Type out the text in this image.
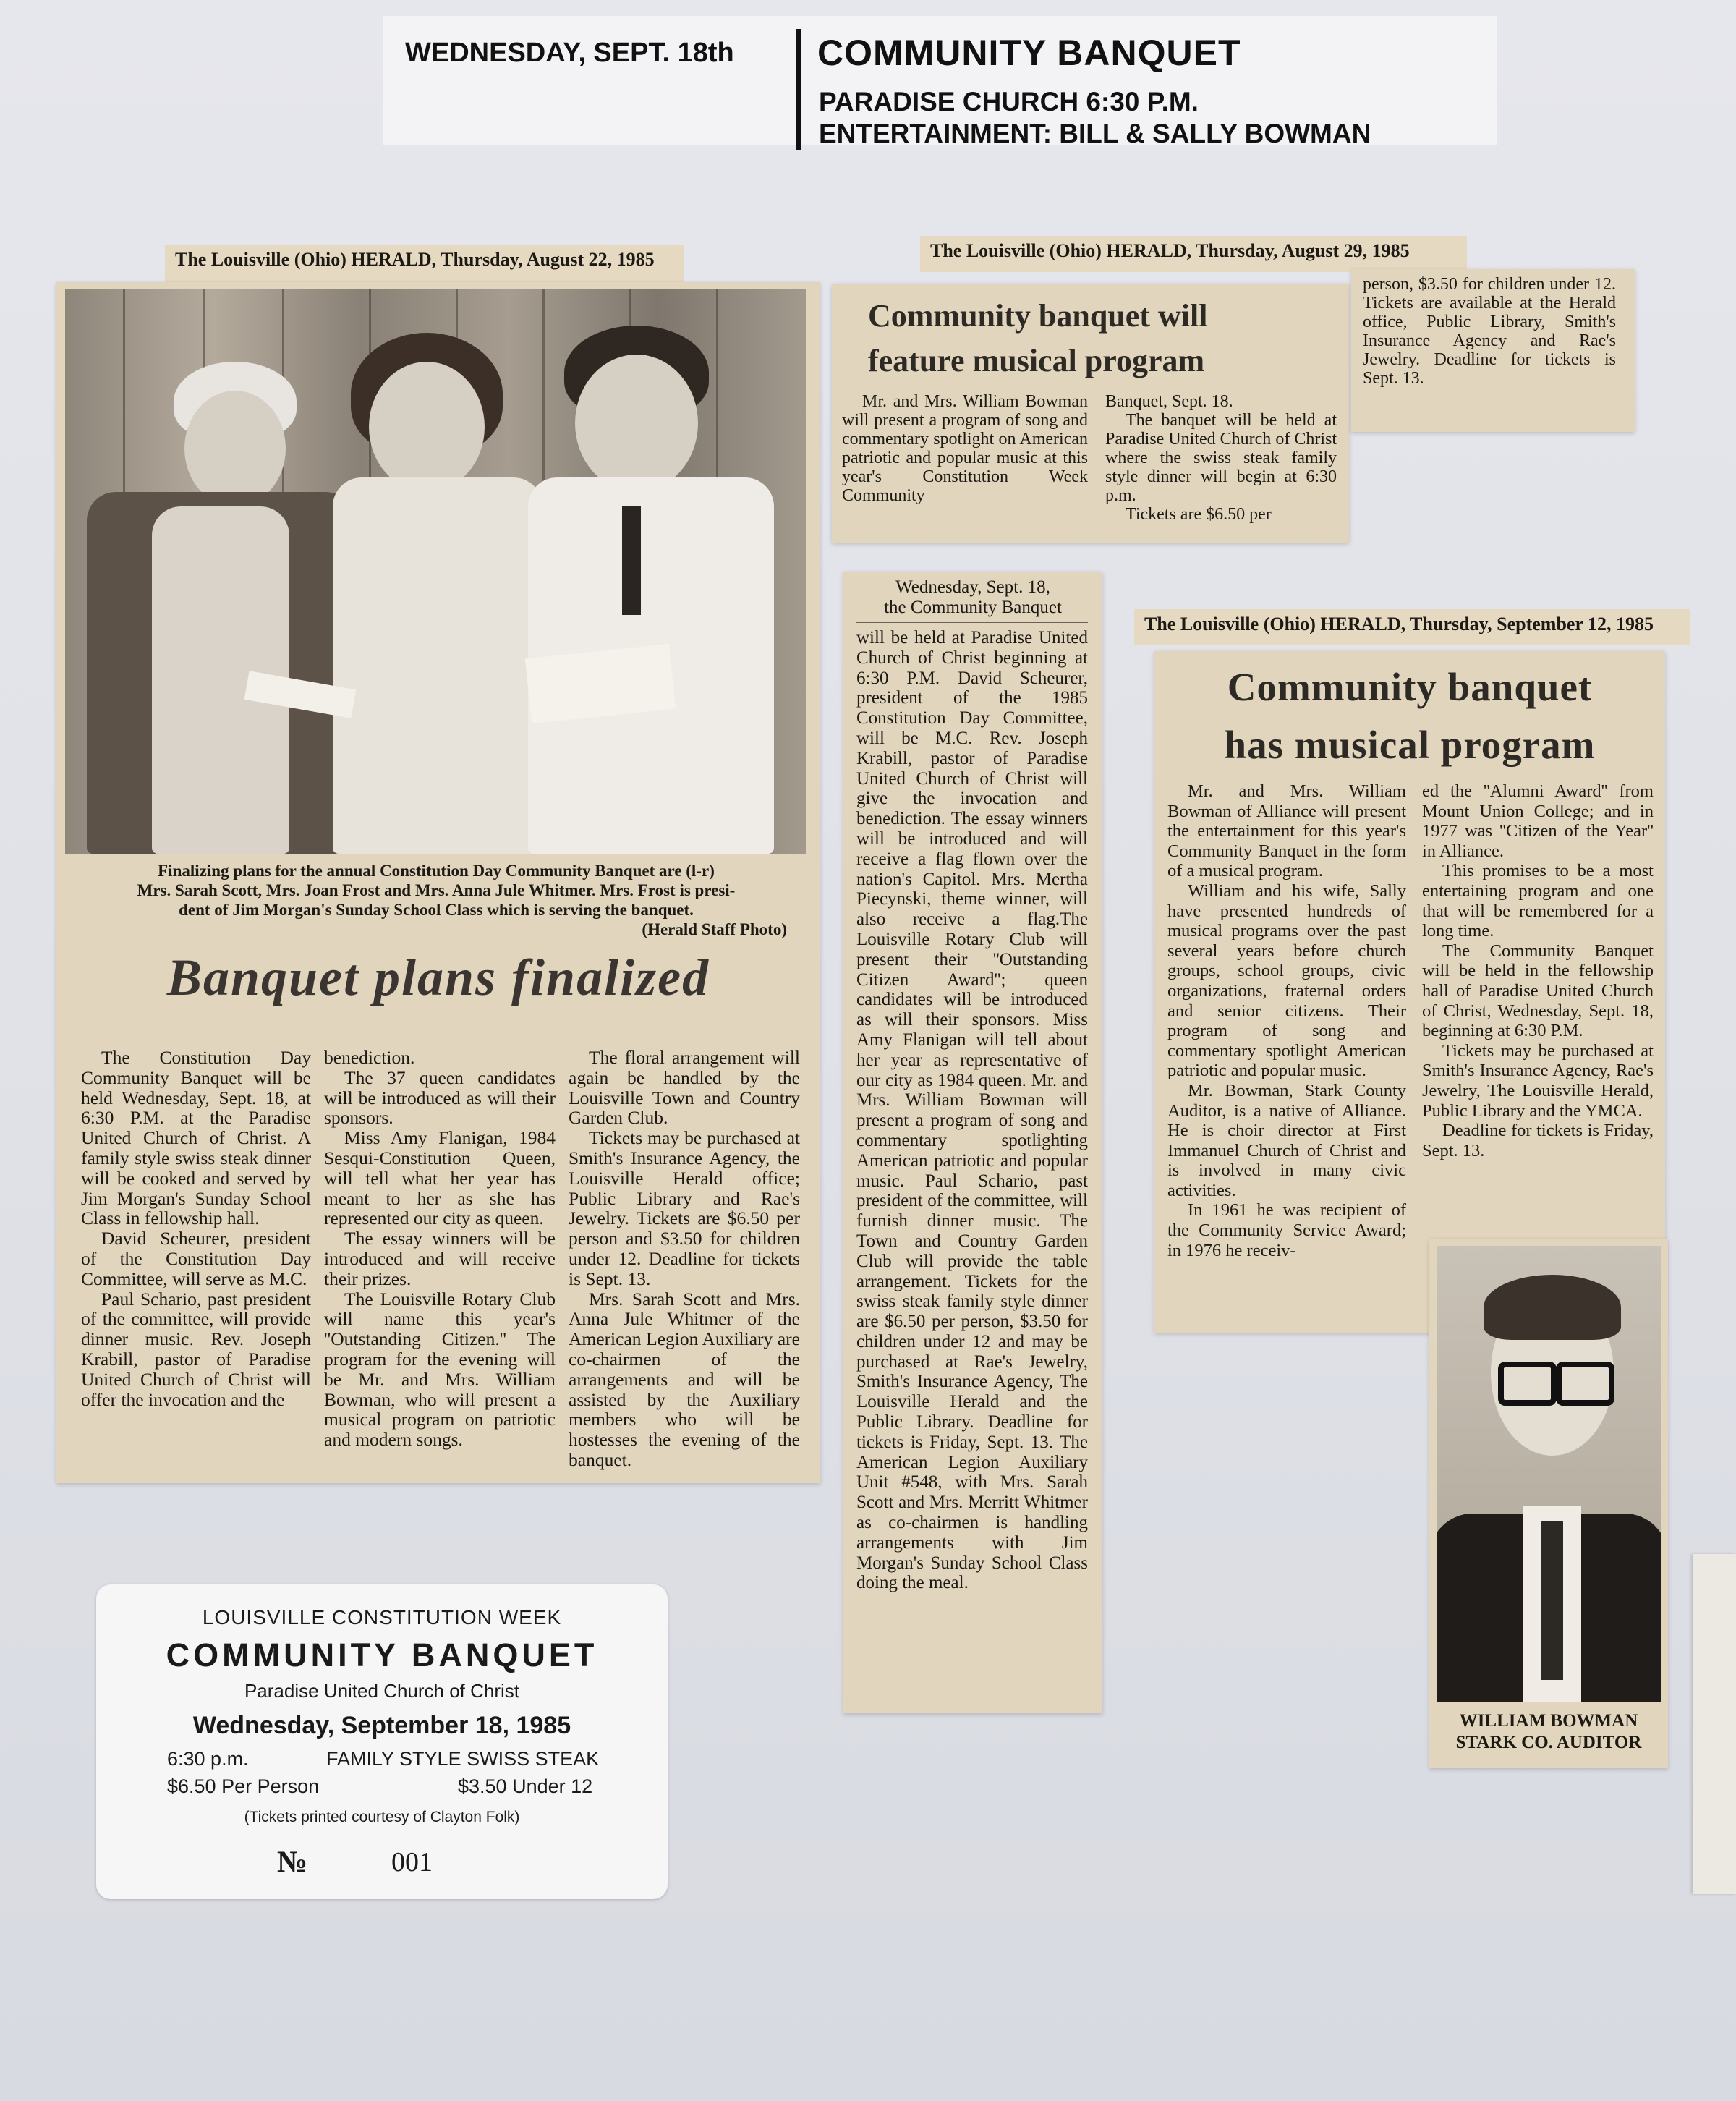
WEDNESDAY, SEPT. 18th COMMUNITY BANQUET
PARADISE CHURCH 6:30 P.M.
ENTERTAINMENT: BILL & SALLY BOWMAN
The Louisville (Ohio) HERALD, Thursday, August 22, 1985
Finalizing plans for the annual Constitution Day Community Banquet are (l-r)
Mrs. Sarah Scott, Mrs. Joan Frost and Mrs. Anna Jule Whitmer. Mrs. Frost is presi-
dent of Jim Morgan's Sunday School Class which is serving the banquet.
(Herald Staff Photo)
Banquet plans finalized

The Constitution Day Community Banquet will be held Wednesday, Sept. 18, at 6:30 P.M. at the Paradise United Church of Christ. A family style swiss steak dinner will be cooked and served by Jim Morgan's Sunday School Class in fellowship hall.

David Scheurer, president of the Constitution Day Committee, will serve as M.C.

Paul Schario, past president of the committee, will provide dinner music. Rev. Joseph Krabill, pastor of Paradise United Church of Christ will offer the invocation and the

benediction.

The 37 queen candidates will be introduced as will their sponsors.

Miss Amy Flanigan, 1984 Sesqui-Constitution Queen, will tell what her year has meant to her as she has represented our city as queen.

The essay winners will be introduced and will receive their prizes.

The Louisville Rotary Club will name this year's ''Outstanding Citizen.'' The program for the evening will be Mr. and Mrs. William Bowman, who will present a musical program on patriotic and modern songs.

The floral arrangement will again be handled by the Louisville Town and Country Garden Club.

Tickets may be purchased at Smith's Insurance Agency, the Louisville Herald office; Public Library and Rae's Jewelry. Tickets are $6.50 per person and $3.50 for children under 12. Deadline for tickets is Sept. 13.

Mrs. Sarah Scott and Mrs. Anna Jule Whitmer of the American Legion Auxiliary are co-chairmen of the arrangements and will be assisted by the Auxiliary members who will be hostesses the evening of the banquet.

The Louisville (Ohio) HERALD, Thursday, August 29, 1985
Community banquet will
feature musical program

Mr. and Mrs. William Bowman will present a program of song and commentary spotlight on American patriotic and popular music at this year's Constitution Week Community

Banquet, Sept. 18.

The banquet will be held at Paradise United Church of Christ where the swiss steak family style dinner will begin at 6:30 p.m.

Tickets are $6.50 per

person, $3.50 for children under 12. Tickets are available at the Herald office, Public Library, Smith's Insurance Agency and Rae's Jewelry. Deadline for tickets is Sept. 13.

Wednesday, Sept. 18,
the Community Banquet

will be held at Paradise United Church of Christ beginning at 6:30 P.M. David Scheurer, president of the 1985 Constitution Day Committee, will be M.C. Rev. Joseph Krabill, pastor of Paradise United Church of Christ will give the invocation and benediction. The essay winners will be introduced and will receive a flag flown over the nation's Capitol. Mrs. Mertha Piecynski, theme winner, will also receive a flag.The Louisville Rotary Club will present their ''Outstanding Citizen Award''; queen candidates will be introduced as will their sponsors. Miss Amy Flanigan will tell about her year as representative of our city as 1984 queen. Mr. and Mrs. William Bowman will present a program of song and commentary spotlighting American patriotic and popular music. Paul Schario, past president of the committee, will furnish dinner music. The Town and Country Garden Club will provide the table arrangement. Tickets for the swiss steak family style dinner are $6.50 per person, $3.50 for children under 12 and may be purchased at Rae's Jewelry, Smith's Insurance Agency, The Louisville Herald and the Public Library. Deadline for tickets is Friday, Sept. 13. The American Legion Auxiliary Unit #548, with Mrs. Sarah Scott and Mrs. Merritt Whitmer as co-chairmen is handling arrangements with Jim Morgan's Sunday School Class doing the meal.

The Louisville (Ohio) HERALD, Thursday, September 12, 1985
Community banquet
has musical program

Mr. and Mrs. William Bowman of Alliance will present the entertainment for this year's Community Banquet in the form of a musical program.

William and his wife, Sally have presented hundreds of musical programs over the past several years before church groups, school groups, civic organizations, fraternal orders and senior citizens. Their program of song and commentary spotlight American patriotic and popular music.

Mr. Bowman, Stark County Auditor, is a native of Alliance. He is choir director at First Immanuel Church of Christ and is involved in many civic activities.

In 1961 he was recipient of the Community Service Award; in 1976 he receiv-

ed the ''Alumni Award'' from Mount Union College; and in 1977 was ''Citizen of the Year'' in Alliance.

This promises to be a most entertaining program and one that will be remembered for a long time.

The Community Banquet will be held in the fellowship hall of Paradise United Church of Christ, Wednesday, Sept. 18, beginning at 6:30 P.M.

Tickets may be purchased at Smith's Insurance Agency, Rae's Jewelry, The Louisville Herald, Public Library and the YMCA.

Deadline for tickets is Friday, Sept. 13.

WILLIAM BOWMAN
STARK CO. AUDITOR
LOUISVILLE CONSTITUTION WEEK
COMMUNITY BANQUET
Paradise United Church of Christ
Wednesday, September 18, 1985
6:30 p.m.	FAMILY STYLE SWISS STEAK
$6.50 Per Person	$3.50 Under 12
(Tickets printed courtesy of Clayton Folk)
№	001
